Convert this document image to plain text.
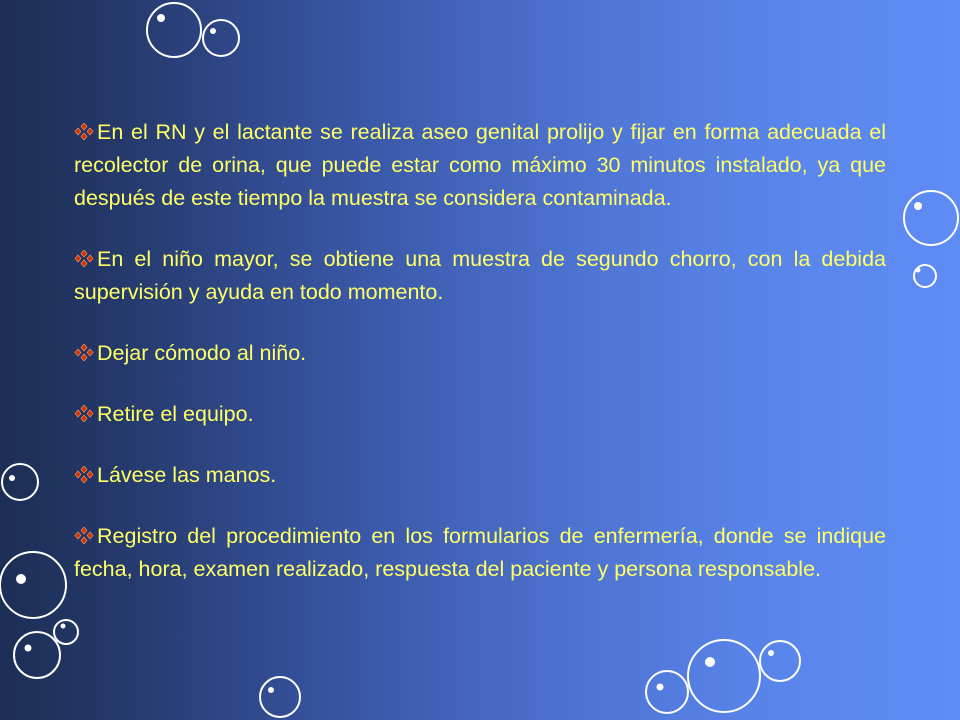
En el RN y el lactante se realiza aseo genital prolijo y fijar en forma adecuada el recolector de orina, que puede estar como máximo 30 minutos instalado, ya que después de este tiempo la muestra se considera contaminada.
En el niño mayor, se obtiene una muestra de segundo chorro, con la debida supervisión y ayuda en todo momento.
Dejar cómodo al niño.
Retire el equipo.
Lávese las manos.
Registro del procedimiento en los formularios de enfermería, donde se indique fecha, hora, examen realizado, respuesta del paciente y persona responsable.
